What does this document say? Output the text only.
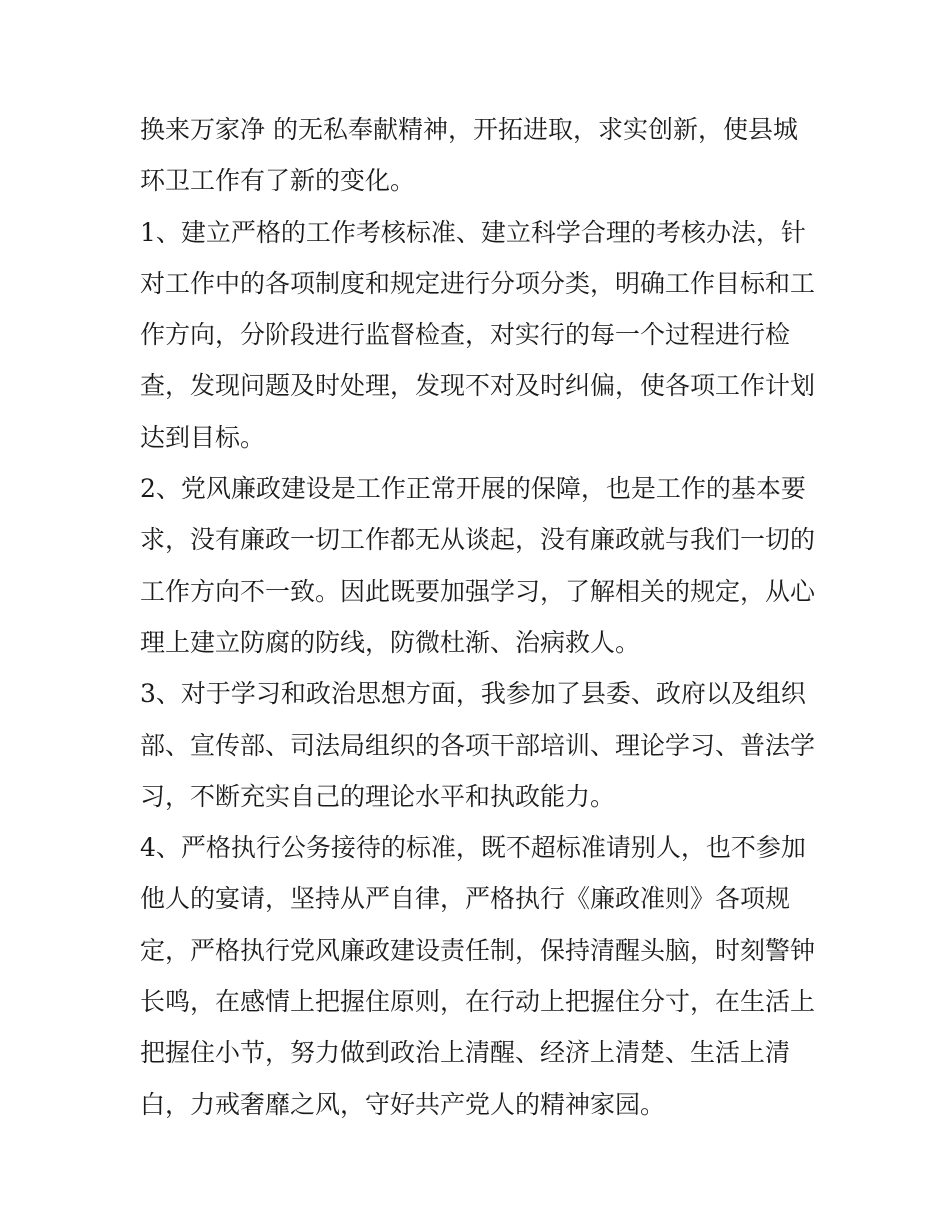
换来万家净 的无私奉献精神，开拓进取，求实创新，使县城
环卫工作有了新的变化。
1、建立严格的工作考核标准、建立科学合理的考核办法，针
对工作中的各项制度和规定进行分项分类，明确工作目标和工
作方向，分阶段进行监督检查，对实行的每一个过程进行检
查，发现问题及时处理，发现不对及时纠偏，使各项工作计划
达到目标。
2、党风廉政建设是工作正常开展的保障，也是工作的基本要
求，没有廉政一切工作都无从谈起，没有廉政就与我们一切的
工作方向不一致。因此既要加强学习，了解相关的规定，从心
理上建立防腐的防线，防微杜渐、治病救人。
3、对于学习和政治思想方面，我参加了县委、政府以及组织
部、宣传部、司法局组织的各项干部培训、理论学习、普法学
习，不断充实自己的理论水平和执政能力。
4、严格执行公务接待的标准，既不超标准请别人，也不参加
他人的宴请，坚持从严自律，严格执行《廉政准则》各项规
定，严格执行党风廉政建设责任制，保持清醒头脑，时刻警钟
长鸣，在感情上把握住原则，在行动上把握住分寸，在生活上
把握住小节，努力做到政治上清醒、经济上清楚、生活上清
白，力戒奢靡之风，守好共产党人的精神家园。
